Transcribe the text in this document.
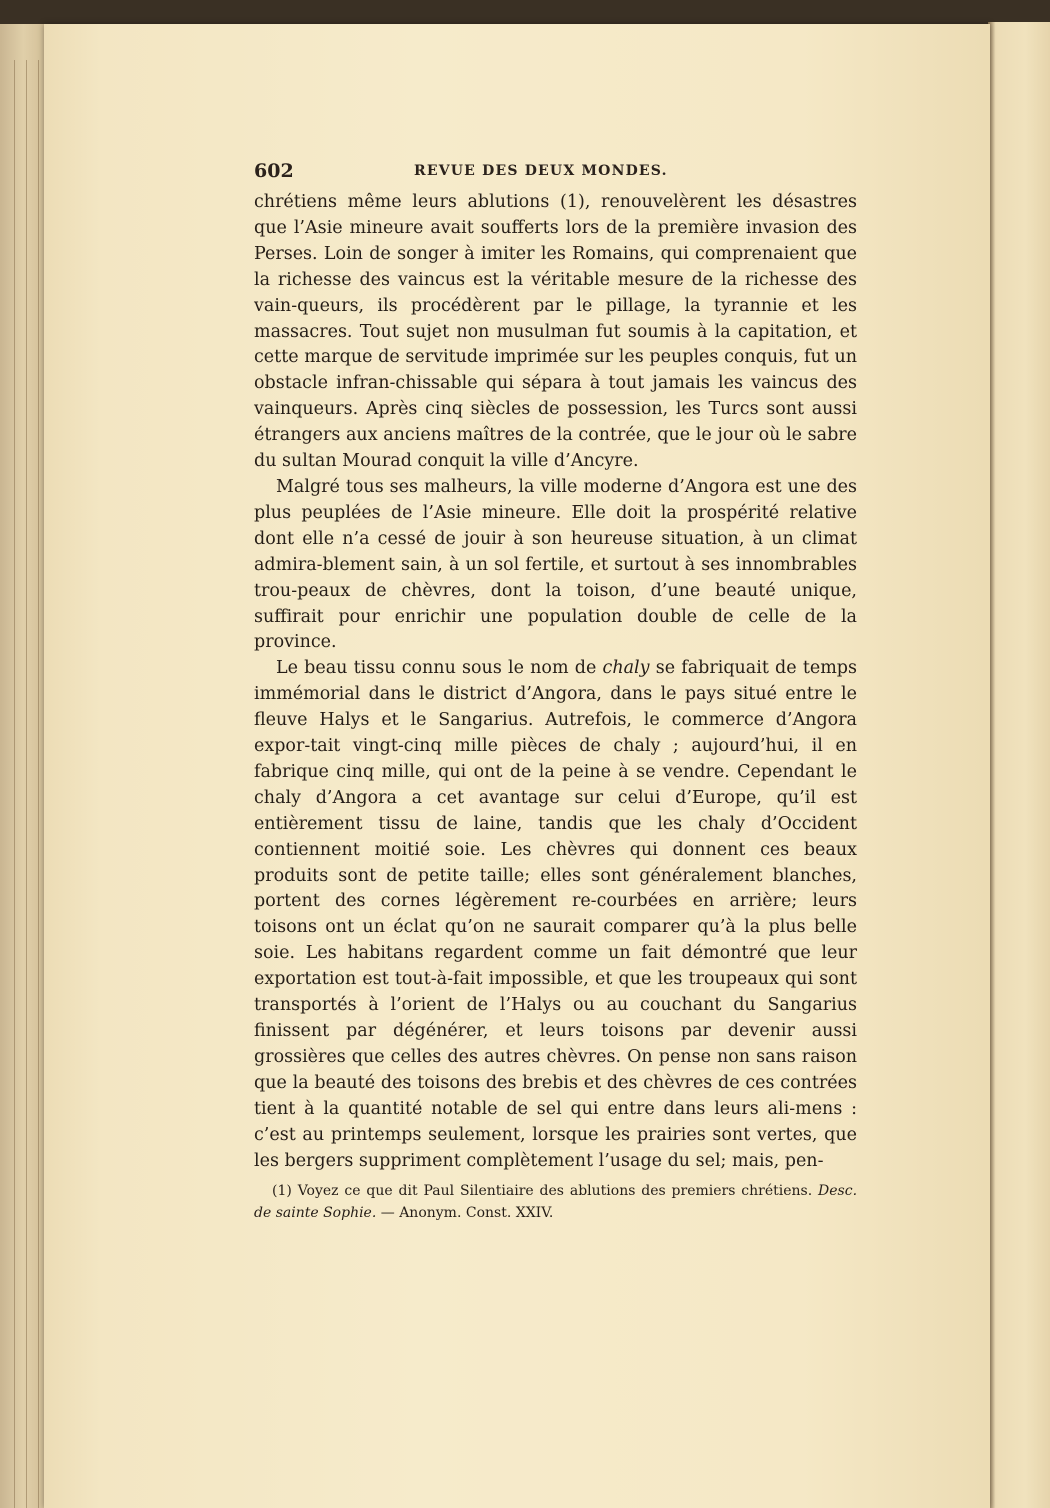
602	REVUE DES DEUX MONDES.

chrétiens même leurs ablutions (1), renouvelèrent les désastres que l’Asie mineure avait soufferts lors de la première invasion des Perses. Loin de songer à imiter les Romains, qui comprenaient que la richesse des vaincus est la véritable mesure de la richesse des vain-queurs, ils procédèrent par le pillage, la tyrannie et les massacres. Tout sujet non musulman fut soumis à la capitation, et cette marque de servitude imprimée sur les peuples conquis, fut un obstacle infran-chissable qui sépara à tout jamais les vaincus des vainqueurs. Après cinq siècles de possession, les Turcs sont aussi étrangers aux anciens maîtres de la contrée, que le jour où le sabre du sultan Mourad conquit la ville d’Ancyre.

Malgré tous ses malheurs, la ville moderne d’Angora est une des plus peuplées de l’Asie mineure. Elle doit la prospérité relative dont elle n’a cessé de jouir à son heureuse situation, à un climat admira-blement sain, à un sol fertile, et surtout à ses innombrables trou-peaux de chèvres, dont la toison, d’une beauté unique, suffirait pour enrichir une population double de celle de la province.

Le beau tissu connu sous le nom de chaly se fabriquait de temps immémorial dans le district d’Angora, dans le pays situé entre le fleuve Halys et le Sangarius. Autrefois, le commerce d’Angora expor-tait vingt-cinq mille pièces de chaly ; aujourd’hui, il en fabrique cinq mille, qui ont de la peine à se vendre. Cependant le chaly d’Angora a cet avantage sur celui d’Europe, qu’il est entièrement tissu de laine, tandis que les chaly d’Occident contiennent moitié soie. Les chèvres qui donnent ces beaux produits sont de petite taille; elles sont généralement blanches, portent des cornes légèrement re-courbées en arrière; leurs toisons ont un éclat qu’on ne saurait comparer qu’à la plus belle soie. Les habitans regardent comme un fait démontré que leur exportation est tout-à-fait impossible, et que les troupeaux qui sont transportés à l’orient de l’Halys ou au couchant du Sangarius finissent par dégénérer, et leurs toisons par devenir aussi grossières que celles des autres chèvres. On pense non sans raison que la beauté des toisons des brebis et des chèvres de ces contrées tient à la quantité notable de sel qui entre dans leurs ali-mens : c’est au printemps seulement, lorsque les prairies sont vertes, que les bergers suppriment complètement l’usage du sel; mais, pen-

(1) Voyez ce que dit Paul Silentiaire des ablutions des premiers chrétiens. Desc. de sainte Sophie. — Anonym. Const. XXIV.
